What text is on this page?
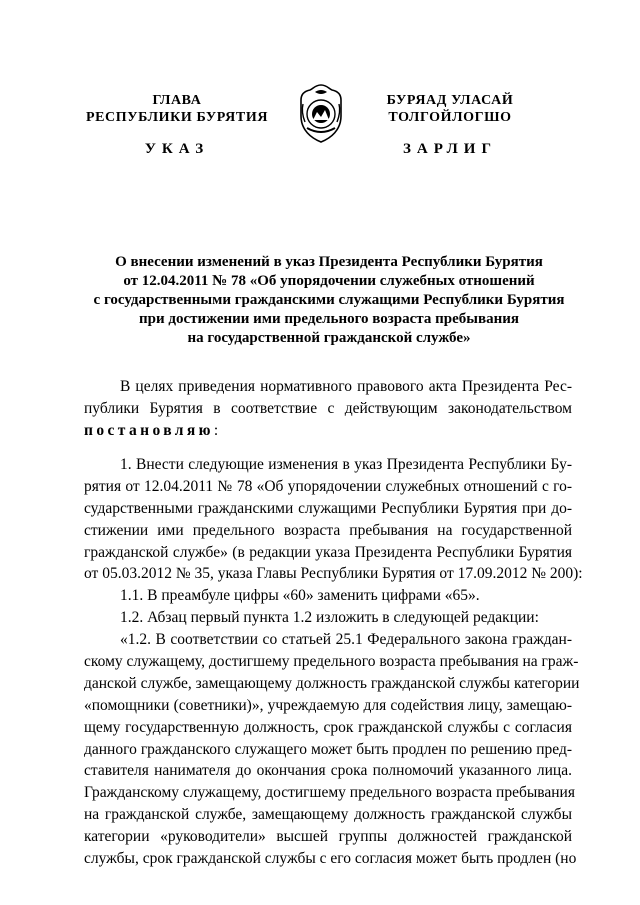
ГЛАВА
РЕСПУБЛИКИ БУРЯТИЯ
БУРЯАД УЛАСАЙ
ТОЛГОЙЛОГШО
УКАЗ	ЗАРЛИГ
О внесении изменений в указ Президента Республики Бурятия
от 12.04.2011 № 78 «Об упорядочении служебных отношений
с государственными гражданскими служащими Республики Бурятия
при достижении ими предельного возраста пребывания
на государственной гражданской службе»
В целях приведения нормативного правового акта Президента Рес-
публики Бурятия в соответствие с действующим законодательством
постановляю:
1. Внести следующие изменения в указ Президента Республики Бу-
рятия от 12.04.2011 № 78 «Об упорядочении служебных отношений с го-
сударственными гражданскими служащими Республики Бурятия при до-
стижении ими предельного возраста пребывания на государственной
гражданской службе» (в редакции указа Президента Республики Бурятия
от 05.03.2012 № 35, указа Главы Республики Бурятия от 17.09.2012 № 200):
1.1. В преамбуле цифры «60» заменить цифрами «65».
1.2. Абзац первый пункта 1.2 изложить в следующей редакции:
«1.2. В соответствии со статьей 25.1 Федерального закона граждан-
скому служащему, достигшему предельного возраста пребывания на граж-
данской службе, замещающему должность гражданской службы категории
«помощники (советники)», учреждаемую для содействия лицу, замещаю-
щему государственную должность, срок гражданской службы с согласия
данного гражданского служащего может быть продлен по решению пред-
ставителя нанимателя до окончания срока полномочий указанного лица.
Гражданскому служащему, достигшему предельного возраста пребывания
на гражданской службе, замещающему должность гражданской службы
категории «руководители» высшей группы должностей гражданской
службы, срок гражданской службы с его согласия может быть продлен (но
